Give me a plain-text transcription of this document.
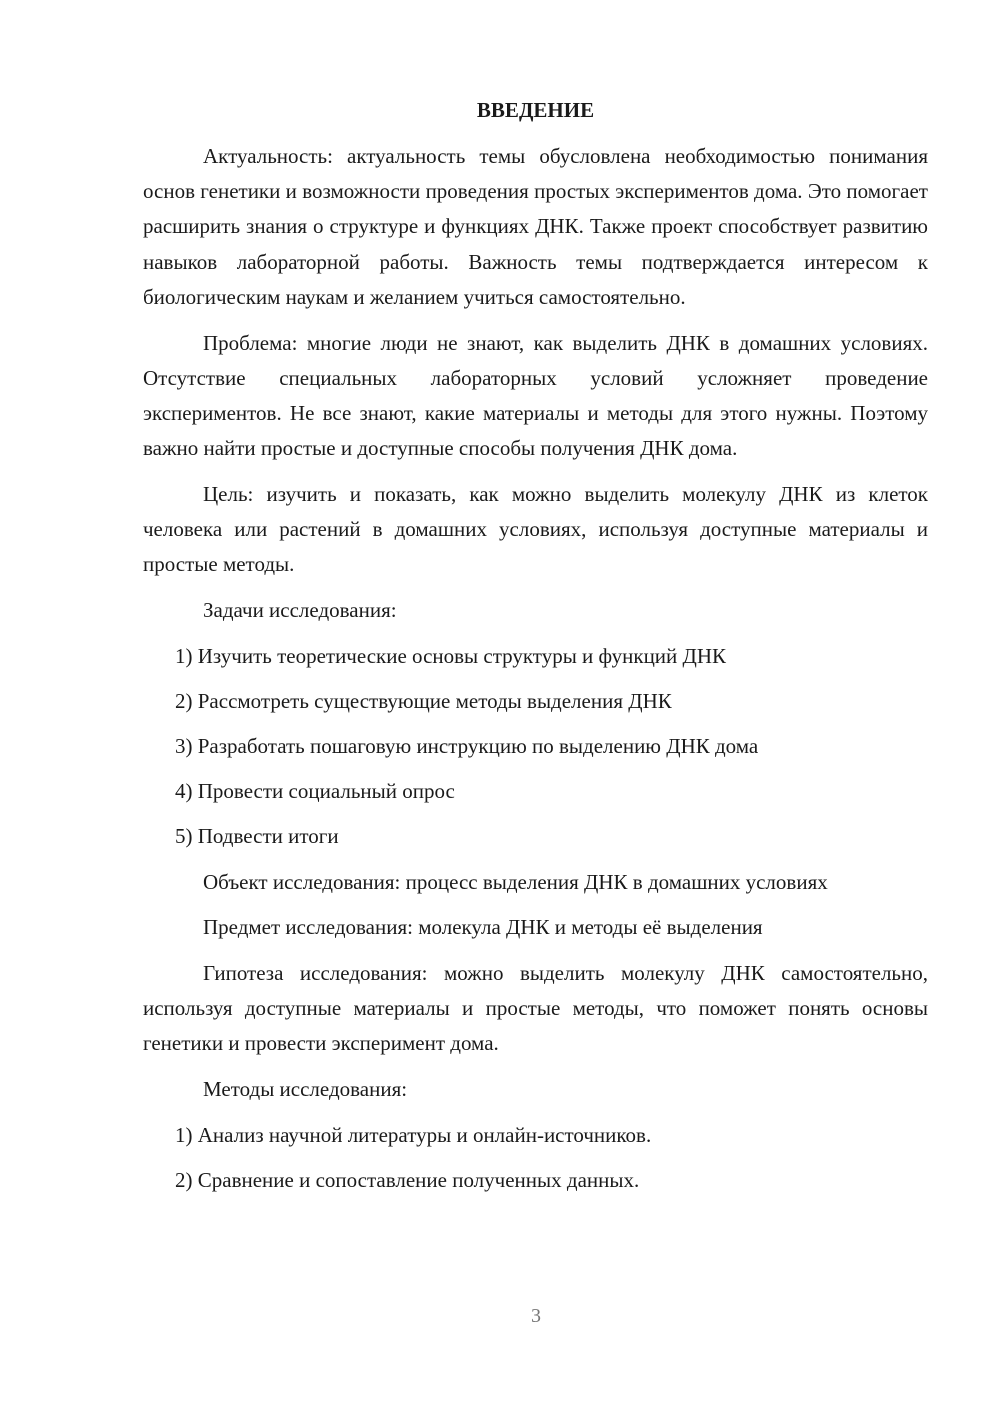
ВВЕДЕНИЕ

Актуальность: актуальность темы обусловлена необходимостью понимания основ генетики и возможности проведения простых экспериментов дома. Это помогает расширить знания о структуре и функциях ДНК. Также проект способствует развитию навыков лабораторной работы. Важность темы подтверждается интересом к биологическим наукам и желанием учиться самостоятельно.

Проблема: многие люди не знают, как выделить ДНК в домашних условиях. Отсутствие специальных лабораторных условий усложняет проведение экспериментов. Не все знают, какие материалы и методы для этого нужны. Поэтому важно найти простые и доступные способы получения ДНК дома.

Цель: изучить и показать, как можно выделить молекулу ДНК из клеток человека или растений в домашних условиях, используя доступные материалы и простые методы.

Задачи исследования:

1) Изучить теоретические основы структуры и функций ДНК

2) Рассмотреть существующие методы выделения ДНК

3) Разработать пошаговую инструкцию по выделению ДНК дома

4) Провести социальный опрос

5) Подвести итоги

Объект исследования: процесс выделения ДНК в домашних условиях

Предмет исследования: молекула ДНК и методы её выделения

Гипотеза исследования: можно выделить молекулу ДНК самостоятельно, используя доступные материалы и простые методы, что поможет понять основы генетики и провести эксперимент дома.

Методы исследования:

1) Анализ научной литературы и онлайн-источников.

2) Сравнение и сопоставление полученных данных.

3
